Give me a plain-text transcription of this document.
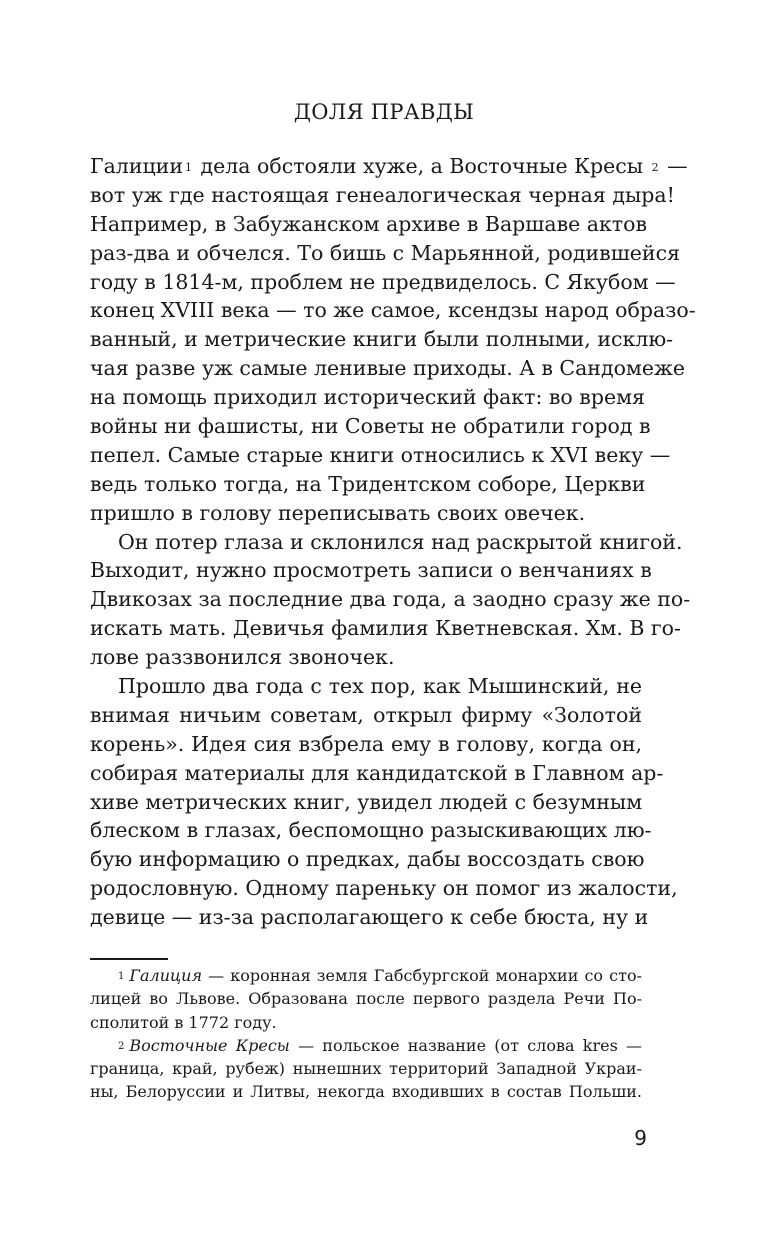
ДОЛЯ ПРАВДЫ
Галиции $^1$ дела обстояли хуже, а Восточные Кресы $^2$ —
вот уж где настоящая генеалогическая черная дыра!
Например, в Забужанском архиве в Варшаве актов
раз-два и обчелся. То бишь с Марьянной, родившейся
году в 1814-м, проблем не предвиделось. С Якубом —
конец XVIII века — то же самое, ксендзы народ образо-
ванный, и метрические книги были полными, исклю-
чая разве уж самые ленивые приходы. А в Сандомеже
на помощь приходил исторический факт: во время
войны ни фашисты, ни Советы не обратили город в
пепел. Самые старые книги относились к XVI веку —
ведь только тогда, на Тридентском соборе, Церкви
пришло в голову переписывать своих овечек.
Он потер глаза и склонился над раскрытой книгой.
Выходит, нужно просмотреть записи о венчаниях в
Двикозах за последние два года, а заодно сразу же по-
искать мать. Девичья фамилия Кветневская. Хм. В го-
лове раззвонился звоночек.
Прошло два года с тех пор, как Мышинский, не
внимая ничьим советам, открыл фирму «Золотой
корень». Идея сия взбрела ему в голову, когда он,
собирая материалы для кандидатской в Главном ар-
хиве метрических книг, увидел людей с безумным
блеском в глазах, беспомощно разыскивающих лю-
бую информацию о предках, дабы воссоздать свою
родословную. Одному пареньку он помог из жалости,
девице — из-за располагающего к себе бюста, ну и
$^1$ Галиция — коронная земля Габсбургской монархии со сто-
лицей во Львове. Образована после первого раздела Речи По-
сполитой в 1772 году.
$^2$ Восточные Кресы — польское название (от слова kres —
граница, край, рубеж) нынешних территорий Западной Украи-
ны, Белоруссии и Литвы, некогда входивших в состав Польши.
9
